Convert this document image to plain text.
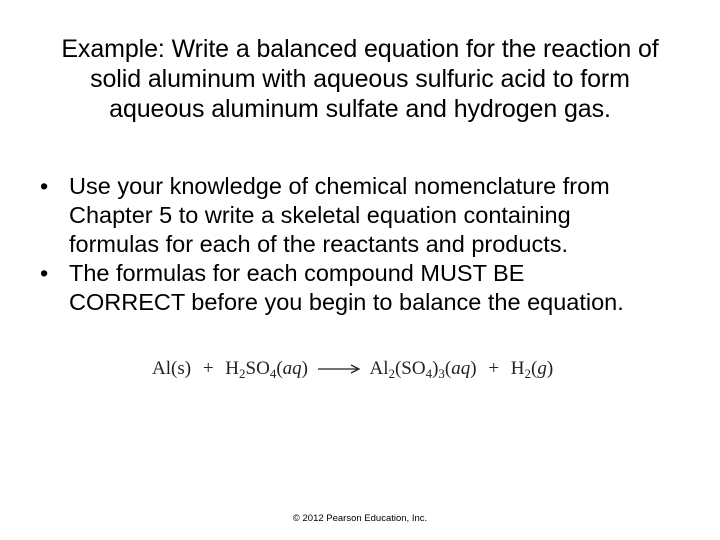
Example: Write a balanced equation for the reaction of
solid aluminum with aqueous sulfuric acid to form
aqueous aluminum sulfate and hydrogen gas.
• Use your knowledge of chemical nomenclature from
Chapter 5 to write a skeletal equation containing
formulas for each of the reactants and products.
• The formulas for each compound MUST BE
CORRECT before you begin to balance the equation.
$Al(s) + H_2SO_4(aq)$	$Al_2(SO_4)_3(aq) + H_2(g)$
© 2012 Pearson Education, Inc.
